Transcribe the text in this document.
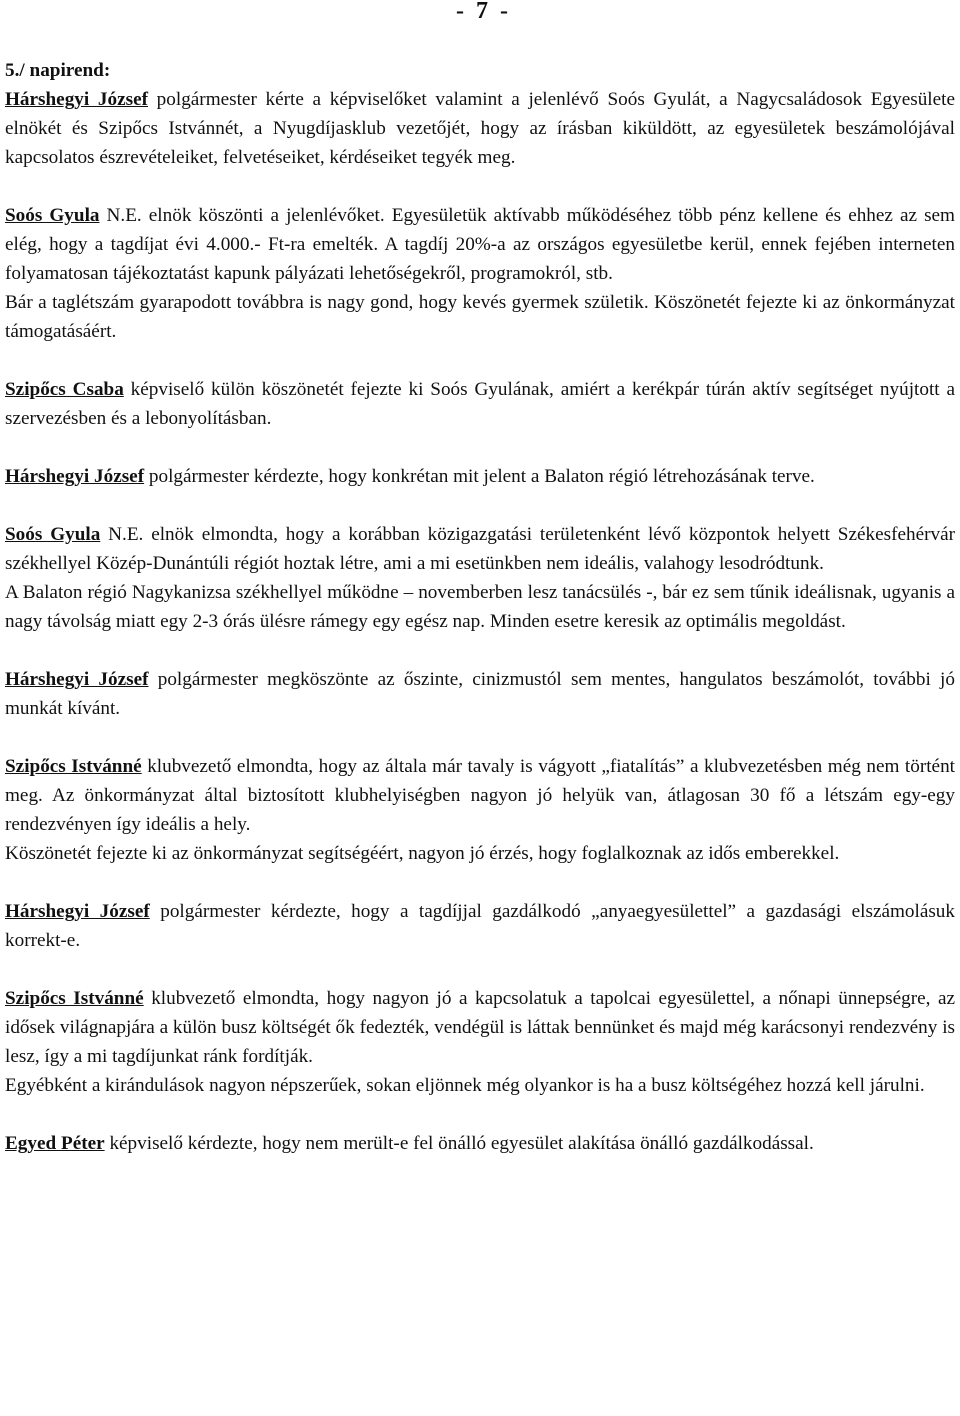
-  7  -
5./ napirend:

Hárshegyi József polgármester kérte a képviselőket valamint a jelenlévő Soós Gyulát, a Nagycsaládosok Egyesülete elnökét és Szipőcs Istvánnét, a Nyugdíjasklub vezetőjét, hogy az írásban kiküldött, az egyesületek beszámolójával kapcsolatos észrevételeiket, felvetéseiket, kérdéseiket tegyék meg.

Soós Gyula N.E. elnök köszönti a jelenlévőket. Egyesületük aktívabb működéséhez több pénz kellene és ehhez az sem elég, hogy a tagdíjat évi 4.000.- Ft-ra emelték. A tagdíj 20%-a az országos egyesületbe kerül, ennek fejében interneten folyamatosan tájékoztatást kapunk pályázati lehetőségekről, programokról, stb.

Bár a taglétszám gyarapodott továbbra is nagy gond, hogy kevés gyermek születik. Köszönetét fejezte ki az önkormányzat támogatásáért.

Szipőcs Csaba képviselő külön köszönetét fejezte ki Soós Gyulának, amiért a kerékpár túrán aktív segítséget nyújtott a szervezésben és a lebonyolításban.

Hárshegyi József polgármester kérdezte, hogy konkrétan mit jelent a Balaton régió létrehozásának terve.

Soós Gyula N.E. elnök elmondta, hogy a korábban közigazgatási területenként lévő központok helyett Székesfehérvár székhellyel Közép-Dunántúli régiót hoztak létre, ami a mi esetünkben nem ideális, valahogy lesodródtunk.

A Balaton régió Nagykanizsa székhellyel működne – novemberben lesz tanácsülés -, bár ez sem tűnik ideálisnak, ugyanis a nagy távolság miatt egy 2-3 órás ülésre rámegy egy egész nap. Minden esetre keresik az optimális megoldást.

Hárshegyi József polgármester megköszönte az őszinte, cinizmustól sem mentes, hangulatos beszámolót, további jó munkát kívánt.

Szipőcs Istvánné klubvezető elmondta, hogy az általa már tavaly is vágyott „fiatalítás” a klubvezetésben még nem történt meg. Az önkormányzat által biztosított klubhelyiségben nagyon jó helyük van, átlagosan 30 fő a létszám egy-egy rendezvényen így ideális a hely.

Köszönetét fejezte ki az önkormányzat segítségéért, nagyon jó érzés, hogy foglalkoznak az idős emberekkel.

Hárshegyi József polgármester kérdezte, hogy a tagdíjjal gazdálkodó „anyaegyesülettel” a gazdasági elszámolásuk korrekt-e.

Szipőcs Istvánné klubvezető elmondta, hogy nagyon jó a kapcsolatuk a tapolcai egyesülettel, a nőnapi ünnepségre, az idősek világnapjára a külön busz költségét ők fedezték, vendégül is láttak bennünket és majd még karácsonyi rendezvény is lesz, így a mi tagdíjunkat ránk fordítják.

Egyébként a kirándulások nagyon népszerűek, sokan eljönnek még olyankor is ha a busz költségéhez hozzá kell járulni.

Egyed Péter képviselő kérdezte, hogy nem merült-e fel önálló egyesület alakítása önálló gazdálkodással.
